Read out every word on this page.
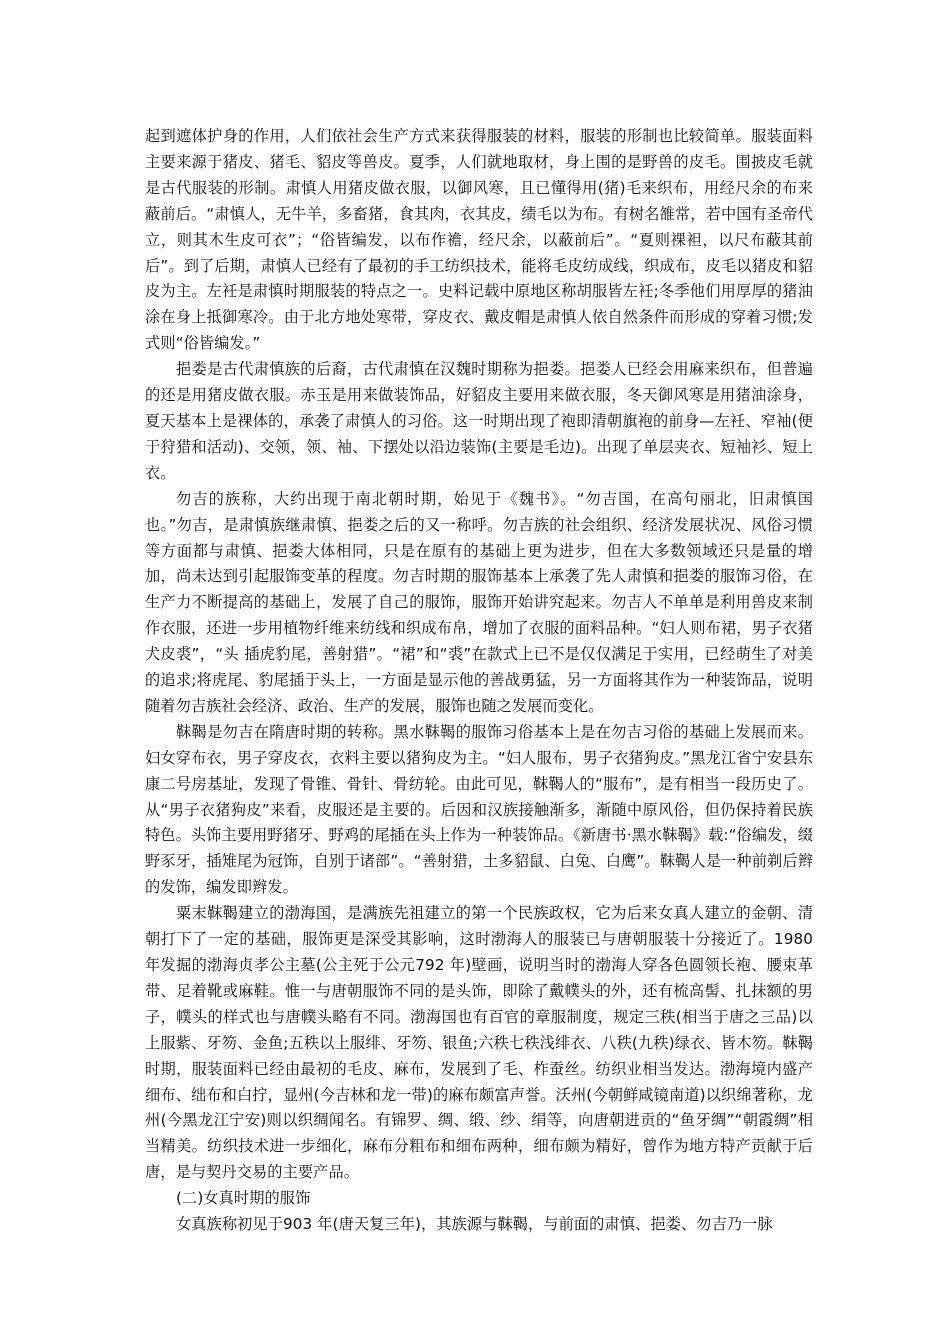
起到遮体护身的作用，人们依社会生产方式来获得服装的材料，服装的形制也比较简单。服装面料主要来源于猪皮、猪毛、貂皮等兽皮。夏季，人们就地取材，身上围的是野兽的皮毛。围披皮毛就是古代服装的形制。肃慎人用猪皮做衣服，以御风寒，且已懂得用(猪)毛来织布，用经尺余的布来蔽前后。“肃慎人，无牛羊，多畜猪，食其肉，衣其皮，绩毛以为布。有树名雒常，若中国有圣帝代立，则其木生皮可衣”；“俗皆编发，以布作襜，经尺余，以蔽前后”。“夏则裸袒，以尺布蔽其前后”。到了后期，肃慎人已经有了最初的手工纺织技术，能将毛皮纺成线，织成布，皮毛以猪皮和貂皮为主。左衽是肃慎时期服装的特点之一。史料记载中原地区称胡服皆左衽;冬季他们用厚厚的猪油涂在身上抵御寒冷。由于北方地处寒带，穿皮衣、戴皮帽是肃慎人依自然条件而形成的穿着习惯;发式则“俗皆编发。”

挹娄是古代肃慎族的后裔，古代肃慎在汉魏时期称为挹娄。挹娄人已经会用麻来织布，但普遍的还是用猪皮做衣服。赤玉是用来做装饰品，好貂皮主要用来做衣服，冬天御风寒是用猪油涂身，夏天基本上是裸体的，承袭了肃慎人的习俗。这一时期出现了袍即清朝旗袍的前身—左衽、窄袖(便于狩猎和活动)、交领，领、袖、下摆处以沿边装饰(主要是毛边)。出现了单层夹衣、短袖衫、短上衣。

勿吉的族称，大约出现于南北朝时期，始见于《魏书》。“勿吉国，在高句丽北，旧肃慎国也。”勿吉，是肃慎族继肃慎、挹娄之后的又一称呼。勿吉族的社会组织、经济发展状况、风俗习惯等方面都与肃慎、挹娄大体相同，只是在原有的基础上更为进步，但在大多数领域还只是量的增加，尚未达到引起服饰变革的程度。勿吉时期的服饰基本上承袭了先人肃慎和挹娄的服饰习俗，在生产力不断提高的基础上，发展了自己的服饰，服饰开始讲究起来。勿吉人不单单是利用兽皮来制作衣服，还进一步用植物纤维来纺线和织成布帛，增加了衣服的面料品种。“妇人则布裙，男子衣猪犬皮裘”，“头 插虎豹尾，善射猎”。“裙”和“裘”在款式上已不是仅仅满足于实用，已经萌生了对美的追求;将虎尾、豹尾插于头上，一方面是显示他的善战勇猛，另一方面将其作为一种装饰品，说明随着勿吉族社会经济、政治、生产的发展，服饰也随之发展而变化。

靺鞨是勿吉在隋唐时期的转称。黑水靺鞨的服饰习俗基本上是在勿吉习俗的基础上发展而来。妇女穿布衣，男子穿皮衣，衣料主要以猪狗皮为主。“妇人服布，男子衣猪狗皮。”黑龙江省宁安县东康二号房基址，发现了骨锥、骨针、骨纺轮。由此可见，靺鞨人的“服布”，是有相当一段历史了。从“男子衣猪狗皮”来看，皮服还是主要的。后因和汉族接触渐多，渐随中原风俗，但仍保持着民族特色。头饰主要用野猪牙、野鸡的尾插在头上作为一种装饰品。《新唐书·黑水靺鞨》载:“俗编发，缀野豕牙，插雉尾为冠饰，自别于诸部”。“善射猎，土多貂鼠、白兔、白鹰”。靺鞨人是一种前剃后辫的发饰，编发即辫发。

粟末靺鞨建立的渤海国，是满族先祖建立的第一个民族政权，它为后来女真人建立的金朝、清朝打下了一定的基础，服饰更是深受其影响，这时渤海人的服装已与唐朝服装十分接近了。1980 年发掘的渤海贞孝公主墓(公主死于公元792 年)壁画，说明当时的渤海人穿各色圆领长袍、腰束革带、足着靴或麻鞋。惟一与唐朝服饰不同的是头饰，即除了戴幞头的外，还有梳高髻、扎抹额的男子，幞头的样式也与唐幞头略有不同。渤海国也有百官的章服制度，规定三秩(相当于唐之三品)以上服紫、牙笏、金鱼;五秩以上服绯、牙笏、银鱼;六秩七秩浅绯衣、八秩(九秩)绿衣、皆木笏。靺鞨时期，服装面料已经由最初的毛皮、麻布，发展到了毛、柞蚕丝。纺织业相当发达。渤海境内盛产细布、绌布和白拧，显州(今吉林和龙一带)的麻布颇富声誉。沃州(今朝鲜咸镜南道)以织绵著称，龙州(今黑龙江宁安)则以织绸闻名。有锦罗、绸、缎、纱、绢等，向唐朝进贡的“鱼牙绸”“朝霞绸”相当精美。纺织技术进一步细化，麻布分粗布和细布两种，细布颇为精好，曾作为地方特产贡献于后唐，是与契丹交易的主要产品。

(二)女真时期的服饰

女真族称初见于903 年(唐天复三年)，其族源与靺鞨，与前面的肃慎、挹娄、勿吉乃一脉
